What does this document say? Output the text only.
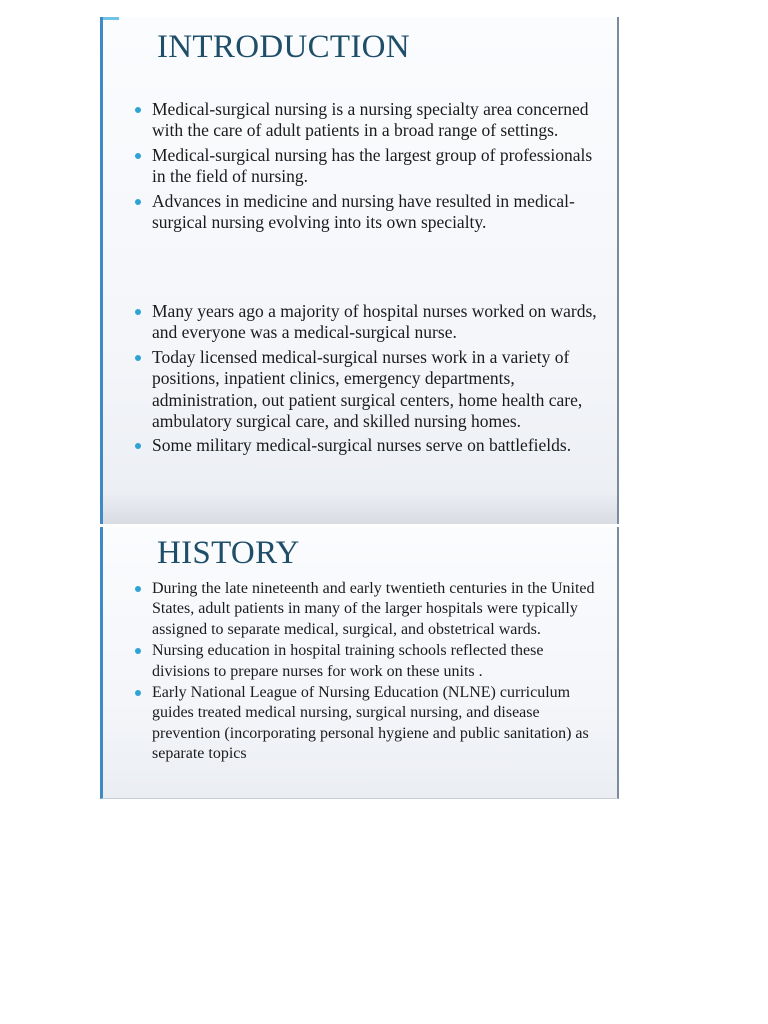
INTRODUCTION
Medical-surgical nursing is a nursing specialty area concerned with the care of adult patients in a broad range of settings.
Medical-surgical nursing has the largest group of professionals in the field of nursing.
Advances in medicine and nursing have resulted in medical- surgical nursing evolving into its own specialty.
Many years ago a majority of hospital nurses worked on wards, and everyone was a medical-surgical nurse.
Today licensed medical-surgical nurses work in a variety of positions, inpatient clinics, emergency departments, administration, out patient surgical centers, home health care, ambulatory surgical care, and skilled nursing homes.
Some military medical-surgical nurses serve on battlefields.
HISTORY
During the late nineteenth and early twentieth centuries in the United States, adult patients in many of the larger hospitals were typically assigned to separate medical, surgical, and obstetrical wards.
Nursing education in hospital training schools reflected these divisions to prepare nurses for work on these units .
Early National League of Nursing Education (NLNE) curriculum guides treated medical nursing, surgical nursing, and disease prevention (incorporating personal hygiene and public sanitation) as separate topics
